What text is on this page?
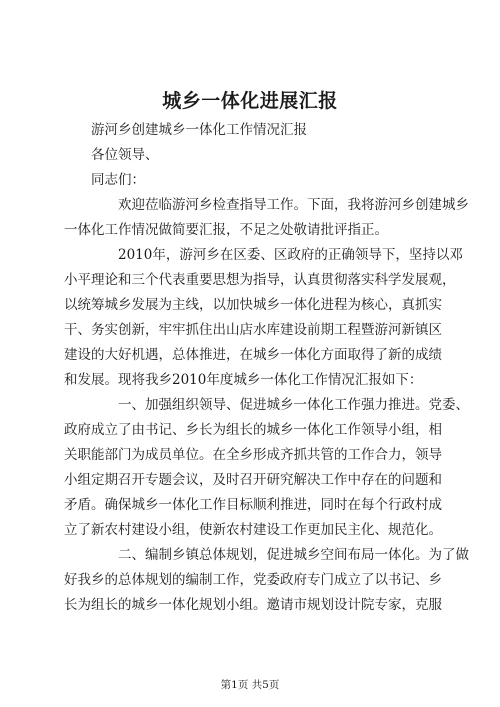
城乡一体化进展汇报

游河乡创建城乡一体化工作情况汇报

各位领导、

同志们：

欢迎莅临游河乡检查指导工作。下面，我将游河乡创建城乡

一体化工作情况做简要汇报，不足之处敬请批评指正。

2010年，游河乡在区委、区政府的正确领导下，坚持以邓

小平理论和三个代表重要思想为指导，认真贯彻落实科学发展观，

以统筹城乡发展为主线，以加快城乡一体化进程为核心，真抓实

干、务实创新，牢牢抓住出山店水库建设前期工程暨游河新镇区

建设的大好机遇，总体推进，在城乡一体化方面取得了新的成绩

和发展。现将我乡2010年度城乡一体化工作情况汇报如下：

一、加强组织领导、促进城乡一体化工作强力推进。党委、

政府成立了由书记、乡长为组长的城乡一体化工作领导小组，相

关职能部门为成员单位。在全乡形成齐抓共管的工作合力，领导

小组定期召开专题会议，及时召开研究解决工作中存在的问题和

矛盾。确保城乡一体化工作目标顺利推进，同时在每个行政村成

立了新农村建设小组，使新农村建设工作更加民主化、规范化。

二、编制乡镇总体规划，促进城乡空间布局一体化。为了做

好我乡的总体规划的编制工作，党委政府专门成立了以书记、乡

长为组长的城乡一体化规划小组。邀请市规划设计院专家，克服

第1页 共5页
